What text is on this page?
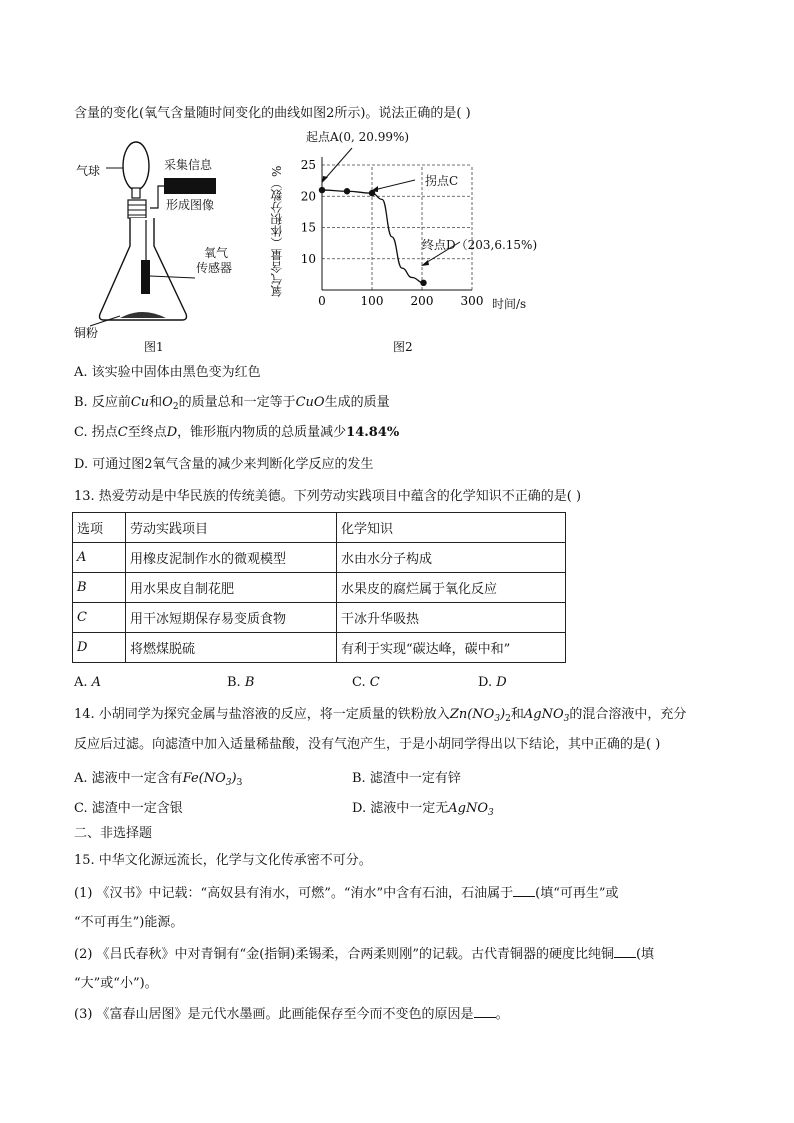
含量的变化(氧气含量随时间变化的曲线如图2所示)。说法正确的是( )
气球	采集信息
形成图像
氧气
传感器
铜粉
图1
0	100 200 300
10
15
20
25
起点A(0, 20.99%)
拐点C
终点D（203,6.15%)
时间/s
氧气含量（体积分数）%
图2
A. 该实验中固体由黑色变为红色
B. 反应前Cu和$O_2$的质量总和一定等于CuO生成的质量
C. 拐点C至终点D，锥形瓶内物质的总质量减少14.84%
D. 可通过图2氧气含量的减少来判断化学反应的发生
13. 热爱劳动是中华民族的传统美德。下列劳动实践项目中蕴含的化学知识不正确的是( )
选项	劳动实践项目	化学知识
A	用橡皮泥制作水的微观模型	水由水分子构成
B	用水果皮自制花肥	水果皮的腐烂属于氧化反应
C	用干冰短期保存易变质食物	干冰升华吸热
D	将燃煤脱硫	有利于实现“碳达峰，碳中和”
A. A	B. B	C. C	D. D
14. 小胡同学为探究金属与盐溶液的反应，将一定质量的铁粉放入$Zn(NO_3)_2$和AgNO$_3$的混合溶液中，充分
反应后过滤。向滤渣中加入适量稀盐酸，没有气泡产生，于是小胡同学得出以下结论，其中正确的是( )
A. 滤液中一定含有$Fe(NO_3)_3$	B. 滤渣中一定有锌
C. 滤渣中一定含银	D. 滤液中一定无AgNO$_3$
二、非选择题
15. 中华文化源远流长，化学与文化传承密不可分。
(1) 《汉书》中记载：“高奴县有洧水，可燃”。“洧水”中含有石油，石油属于 (填“可再生”或
“不可再生”)能源。
(2) 《吕氏春秋》中对青铜有“金(指铜)柔锡柔，合两柔则刚”的记载。古代青铜器的硬度比纯铜 (填
“大”或“小”)。
(3) 《富春山居图》是元代水墨画。此画能保存至今而不变色的原因是 。
